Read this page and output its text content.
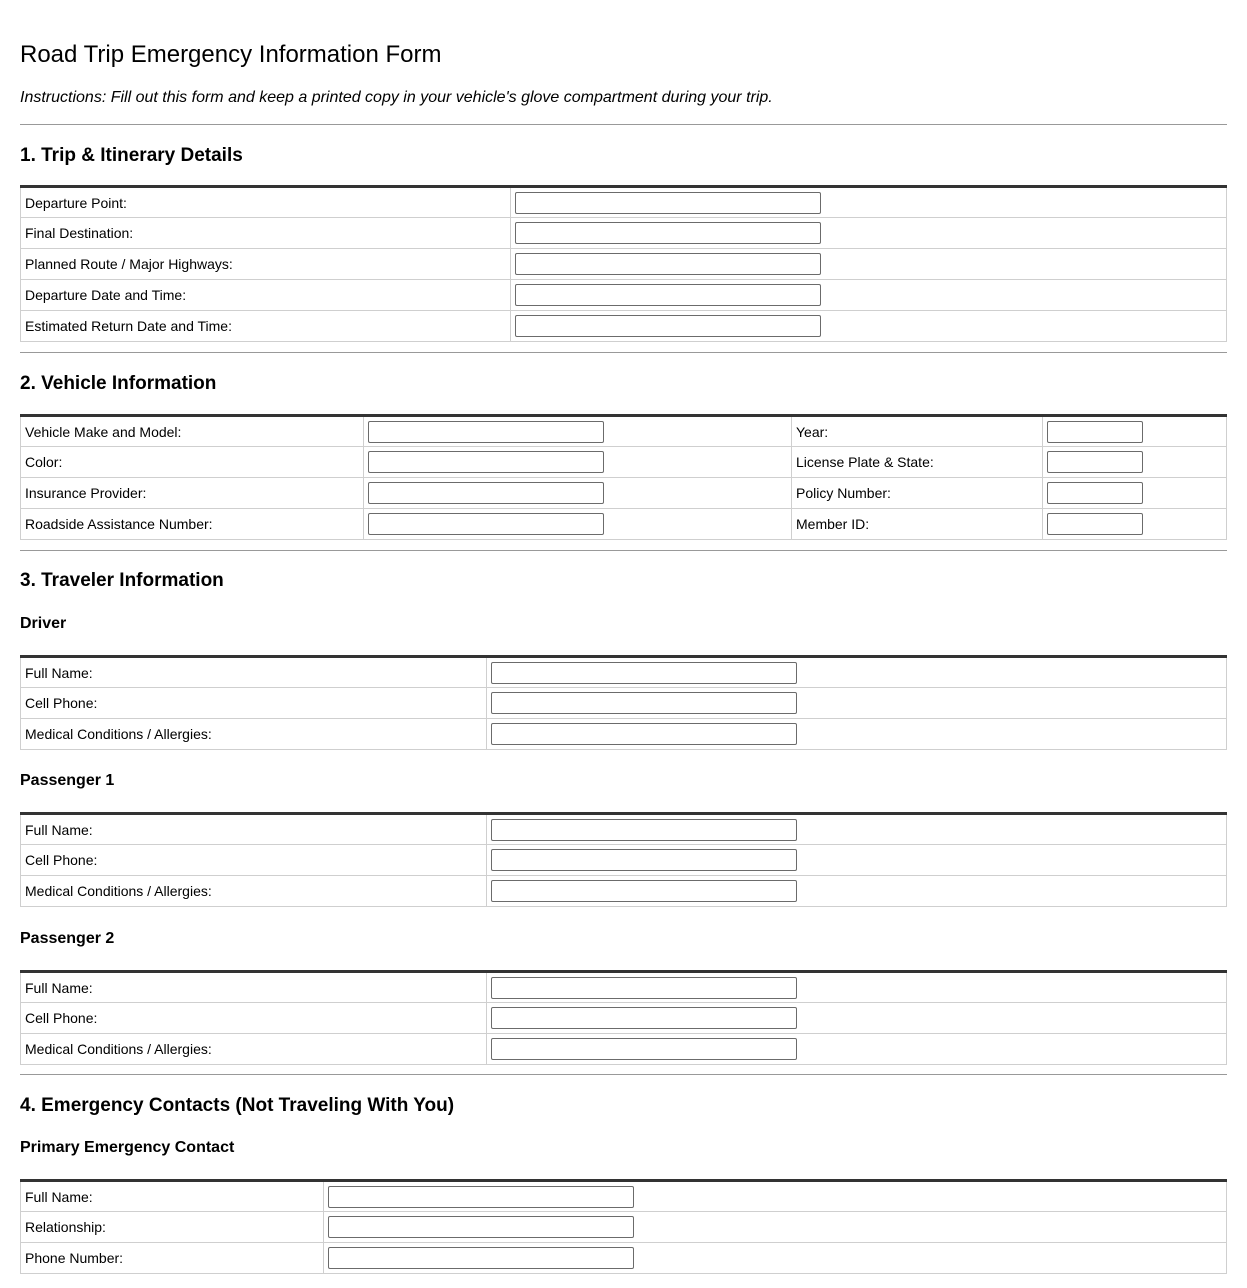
Road Trip Emergency Information Form

Instructions: Fill out this form and keep a printed copy in your vehicle's glove compartment during your trip.

1. Trip & Itinerary Details
Departure Point:	

Final Destination:	

Planned Route / Major Highways:	

Departure Date and Time:	

Estimated Return Date and Time:	
2. Vehicle Information
Vehicle Make and Model:		Year:	

Color:		License Plate & State:	

Insurance Provider:		Policy Number:	

Roadside Assistance Number:		Member ID:	
3. Traveler Information
Driver
Full Name:	

Cell Phone:	

Medical Conditions / Allergies:	
Passenger 1
Full Name:	

Cell Phone:	

Medical Conditions / Allergies:	
Passenger 2
Full Name:	

Cell Phone:	

Medical Conditions / Allergies:	
4. Emergency Contacts (Not Traveling With You)
Primary Emergency Contact
Full Name:	

Relationship:	

Phone Number:	
